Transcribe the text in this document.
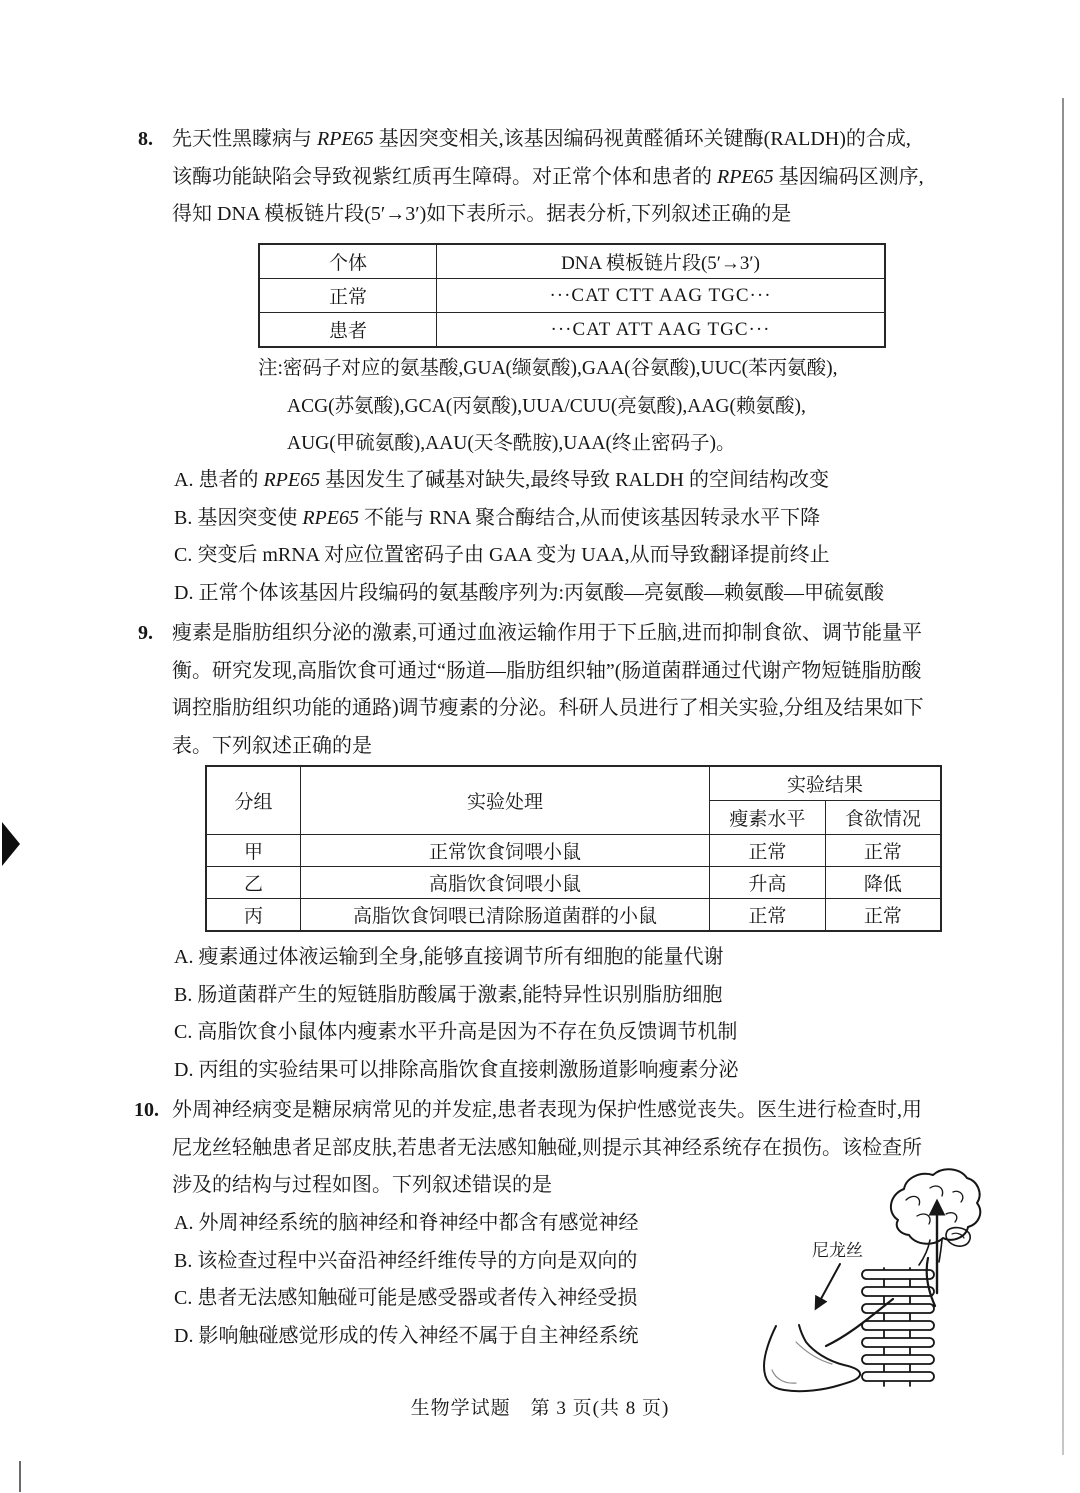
8. 先天性黑矇病与 RPE65 基因突变相关,该基因编码视黄醛循环关键酶(RALDH)的合成,
该酶功能缺陷会导致视紫红质再生障碍。对正常个体和患者的 RPE65 基因编码区测序,
得知 DNA 模板链片段(5′→3′)如下表所示。据表分析,下列叙述正确的是
个体	DNA 模板链片段(5′→3′)
正常	···CAT CTT AAG TGC···
患者	···CAT ATT AAG TGC···
注:密码子对应的氨基酸,GUA(缬氨酸),GAA(谷氨酸),UUC(苯丙氨酸),
ACG(苏氨酸),GCA(丙氨酸),UUA/CUU(亮氨酸),AAG(赖氨酸),
AUG(甲硫氨酸),AAU(天冬酰胺),UAA(终止密码子)。
A. 患者的 RPE65 基因发生了碱基对缺失,最终导致 RALDH 的空间结构改变
B. 基因突变使 RPE65 不能与 RNA 聚合酶结合,从而使该基因转录水平下降
C. 突变后 mRNA 对应位置密码子由 GAA 变为 UAA,从而导致翻译提前终止
D. 正常个体该基因片段编码的氨基酸序列为:丙氨酸—亮氨酸—赖氨酸—甲硫氨酸
9. 瘦素是脂肪组织分泌的激素,可通过血液运输作用于下丘脑,进而抑制食欲、调节能量平
衡。研究发现,高脂饮食可通过“肠道—脂肪组织轴”(肠道菌群通过代谢产物短链脂肪酸
调控脂肪组织功能的通路)调节瘦素的分泌。科研人员进行了相关实验,分组及结果如下
表。下列叙述正确的是
分组	实验处理	实验结果	
		瘦素水平	食欲情况
甲	正常饮食饲喂小鼠	正常	正常
乙	高脂饮食饲喂小鼠	升高	降低
丙	高脂饮食饲喂已清除肠道菌群的小鼠	正常	正常
A. 瘦素通过体液运输到全身,能够直接调节所有细胞的能量代谢
B. 肠道菌群产生的短链脂肪酸属于激素,能特异性识别脂肪细胞
C. 高脂饮食小鼠体内瘦素水平升高是因为不存在负反馈调节机制
D. 丙组的实验结果可以排除高脂饮食直接刺激肠道影响瘦素分泌
10. 外周神经病变是糖尿病常见的并发症,患者表现为保护性感觉丧失。医生进行检查时,用
尼龙丝轻触患者足部皮肤,若患者无法感知触碰,则提示其神经系统存在损伤。该检查所
涉及的结构与过程如图。下列叙述错误的是
A. 外周神经系统的脑神经和脊神经中都含有感觉神经
B. 该检查过程中兴奋沿神经纤维传导的方向是双向的
C. 患者无法感知触碰可能是感受器或者传入神经受损
D. 影响触碰感觉形成的传入神经不属于自主神经系统
尼龙丝
生物学试题　第 3 页(共 8 页)
